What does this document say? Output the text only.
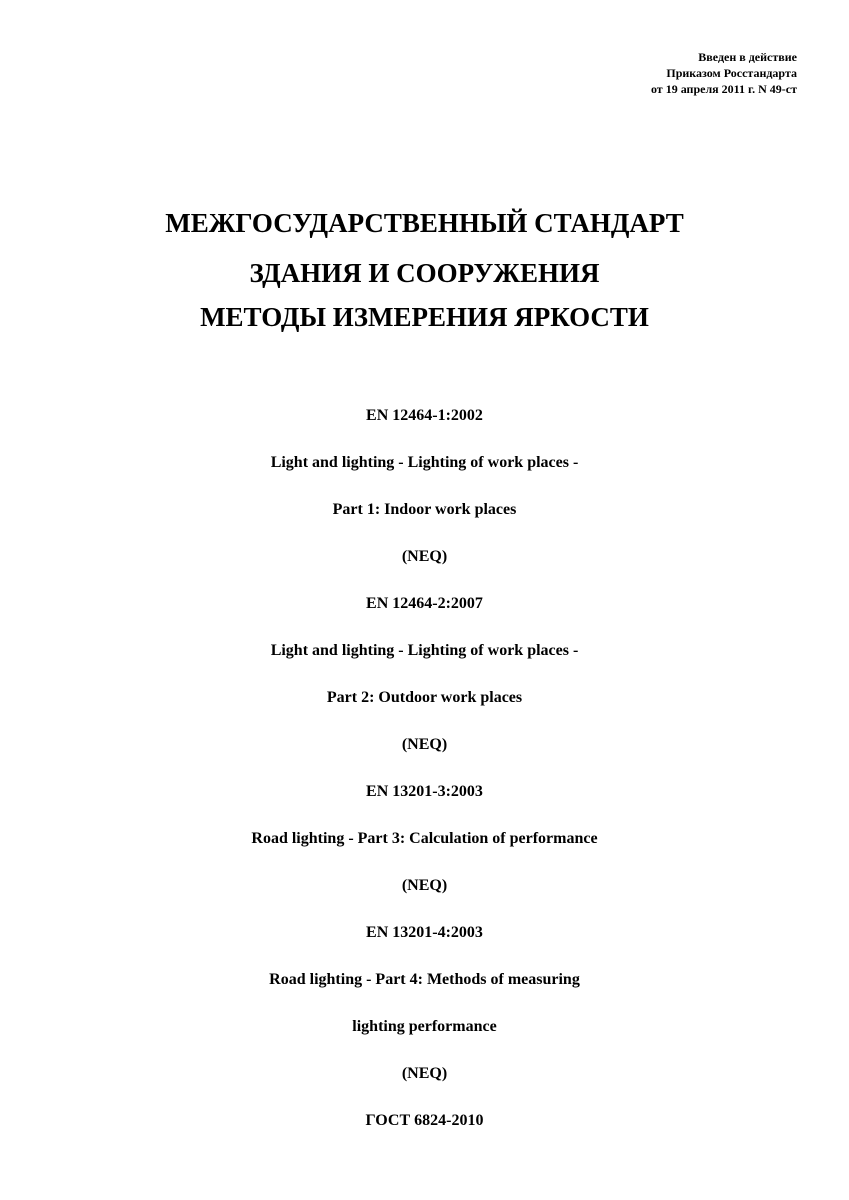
Введен в действие
Приказом Росстандарта
от 19 апреля 2011 г. N 49-ст
МЕЖГОСУДАРСТВЕННЫЙ СТАНДАРТ
ЗДАНИЯ И СООРУЖЕНИЯ
МЕТОДЫ ИЗМЕРЕНИЯ ЯРКОСТИ
EN 12464-1:2002
Light and lighting - Lighting of work places -
Part 1: Indoor work places
(NEQ)
EN 12464-2:2007
Light and lighting - Lighting of work places -
Part 2: Outdoor work places
(NEQ)
EN 13201-3:2003
Road lighting - Part 3: Calculation of performance
(NEQ)
EN 13201-4:2003
Road lighting - Part 4: Methods of measuring
lighting performance
(NEQ)
ГОСТ 6824-2010
